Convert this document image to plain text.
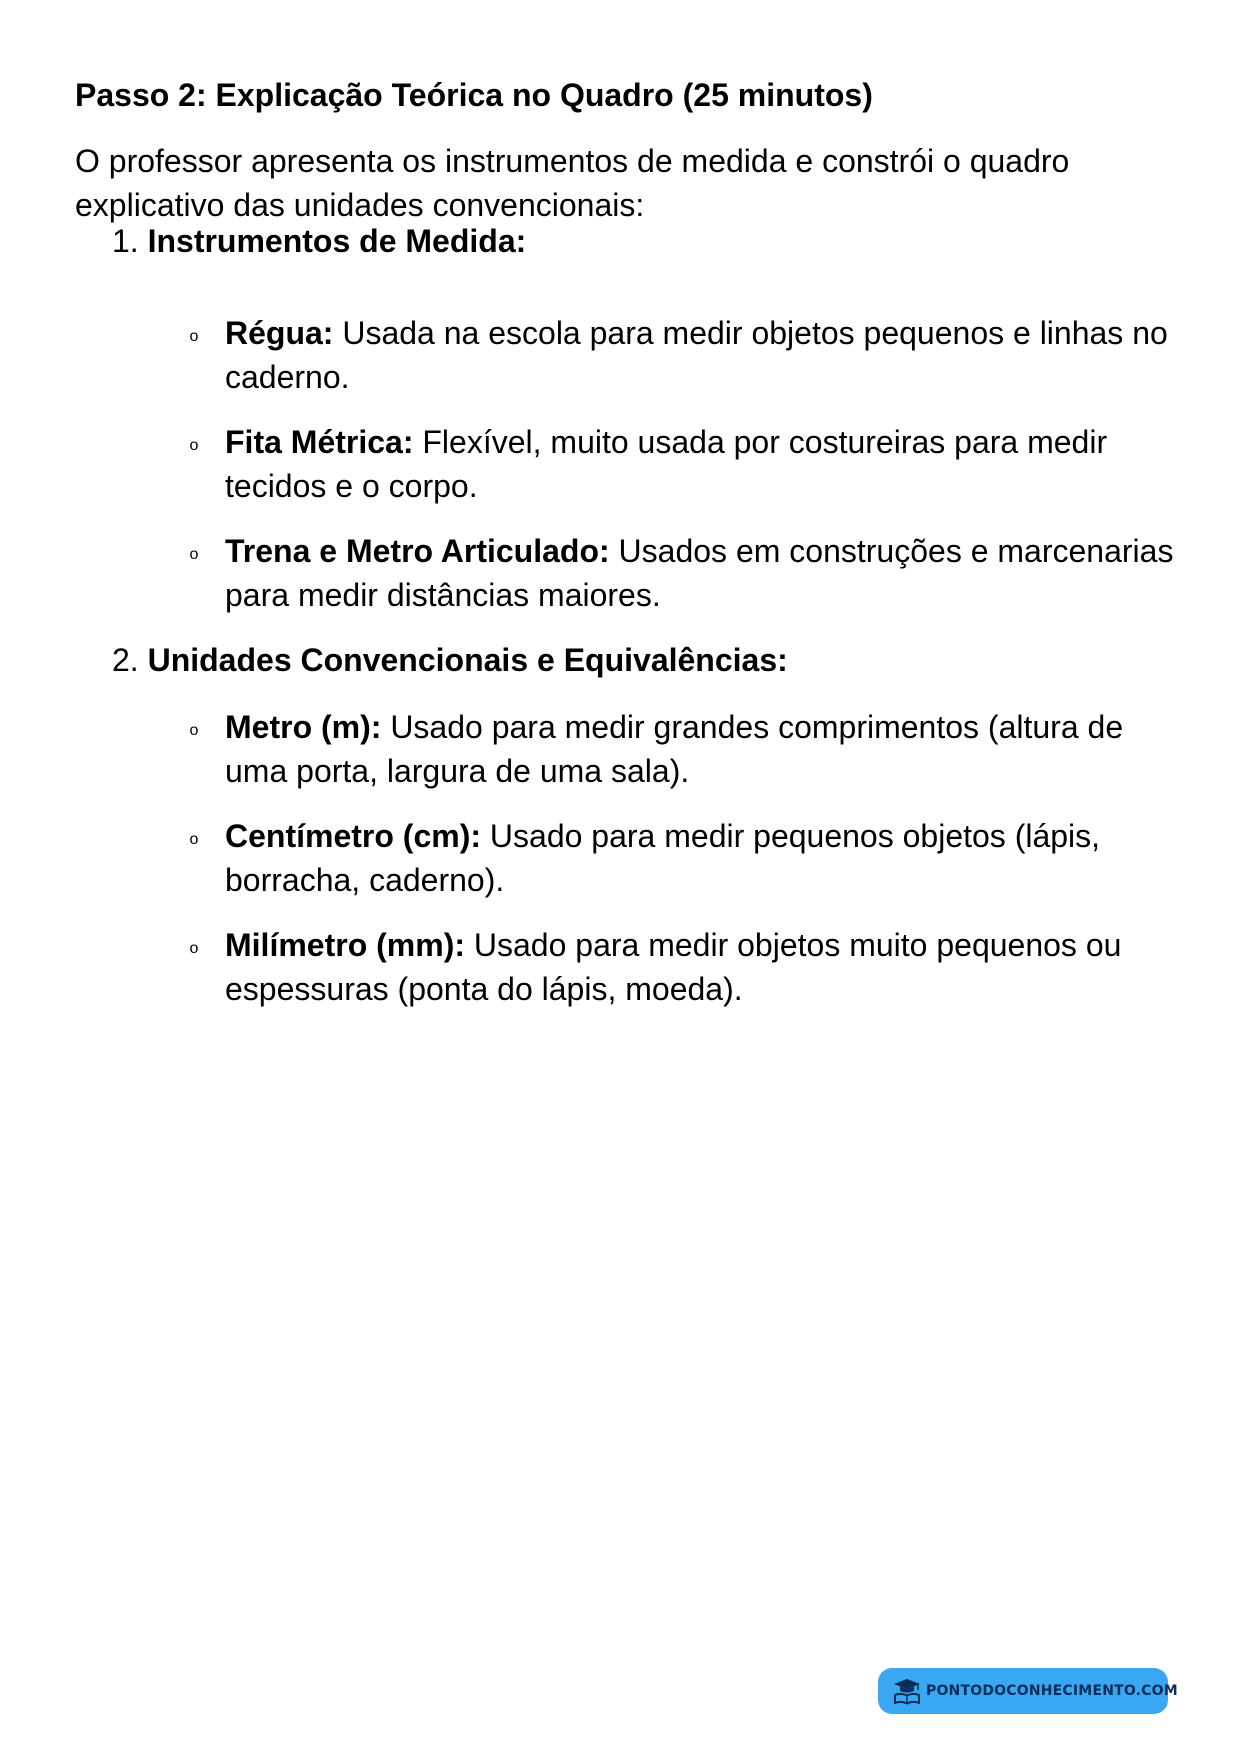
Passo 2: Explicação Teórica no Quadro (25 minutos)

O professor apresenta os instrumentos de medida e constrói o quadro explicativo das unidades convencionais:

1. Instrumentos de Medida:

o Régua: Usada na escola para medir objetos pequenos e linhas no caderno.

o Fita Métrica: Flexível, muito usada por costureiras para medir tecidos e o corpo.

o Trena e Metro Articulado: Usados em construções e marcenarias para medir distâncias maiores.

2. Unidades Convencionais e Equivalências:

o Metro (m): Usado para medir grandes comprimentos (altura de uma porta, largura de uma sala).

o Centímetro (cm): Usado para medir pequenos objetos (lápis, borracha, caderno).

o Milímetro (mm): Usado para medir objetos muito pequenos ou espessuras (ponta do lápis, moeda).

PONTODOCONHECIMENTO.COM
